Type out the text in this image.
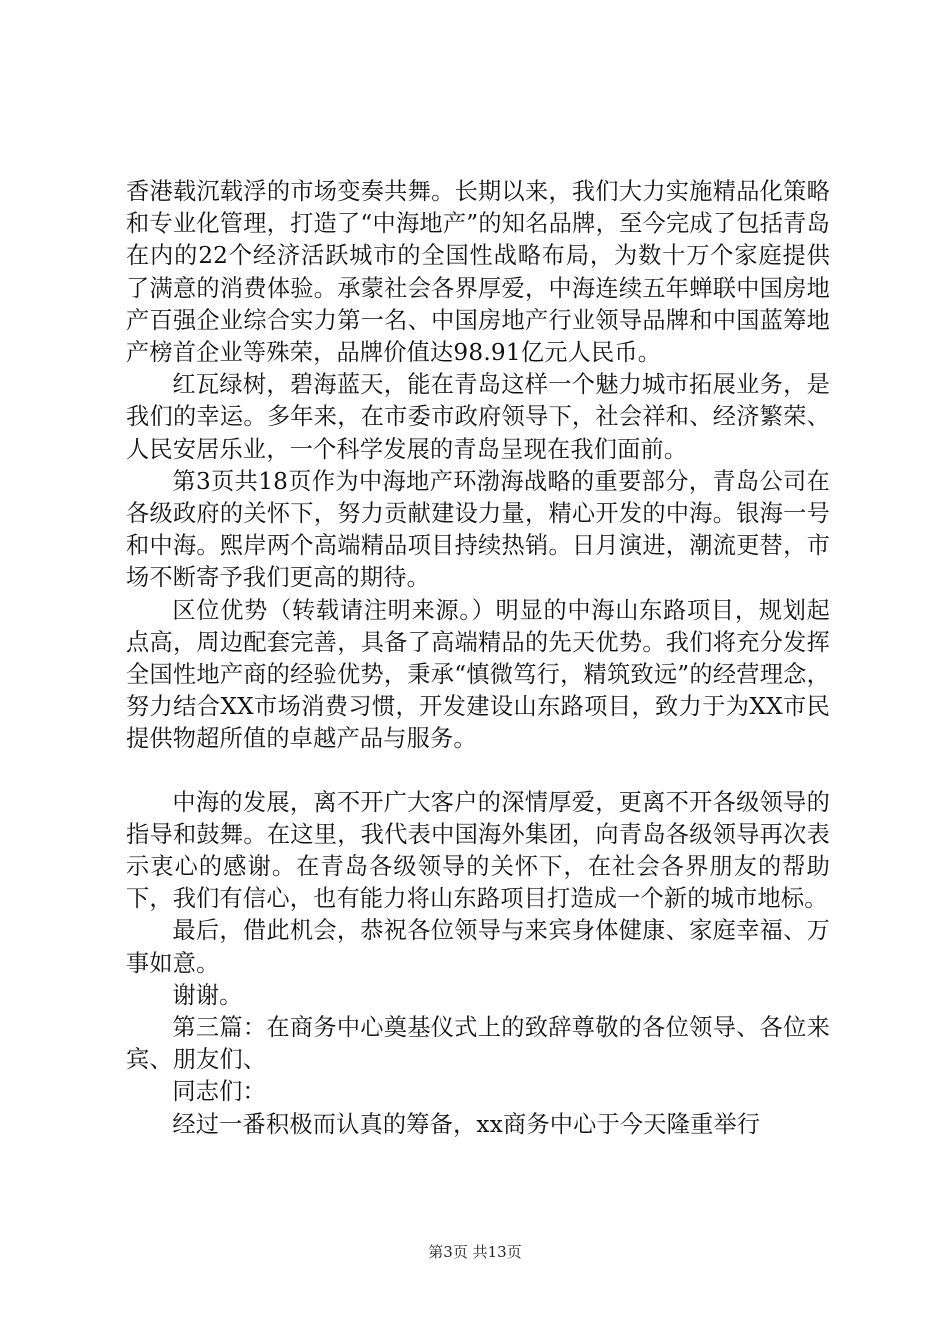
香港载沉载浮的市场变奏共舞。长期以来，我们大力实施精品化策略和专业化管理，打造了“中海地产”的知名品牌，至今完成了包括青岛在内的22个经济活跃城市的全国性战略布局，为数十万个家庭提供了满意的消费体验。承蒙社会各界厚爱，中海连续五年蝉联中国房地产百强企业综合实力第一名、中国房地产行业领导品牌和中国蓝筹地产榜首企业等殊荣，品牌价值达98.91亿元人民币。

红瓦绿树，碧海蓝天，能在青岛这样一个魅力城市拓展业务，是我们的幸运。多年来，在市委市政府领导下，社会祥和、经济繁荣、人民安居乐业，一个科学发展的青岛呈现在我们面前。

第3页共18页作为中海地产环渤海战略的重要部分，青岛公司在各级政府的关怀下，努力贡献建设力量，精心开发的中海。银海一号和中海。熙岸两个高端精品项目持续热销。日月演进，潮流更替，市场不断寄予我们更高的期待。

区位优势（转载请注明来源。）明显的中海山东路项目，规划起点高，周边配套完善，具备了高端精品的先天优势。我们将充分发挥全国性地产商的经验优势，秉承“慎微笃行，精筑致远”的经营理念，努力结合XX市场消费习惯，开发建设山东路项目，致力于为XX市民提供物超所值的卓越产品与服务。

中海的发展，离不开广大客户的深情厚爱，更离不开各级领导的指导和鼓舞。在这里，我代表中国海外集团，向青岛各级领导再次表示衷心的感谢。在青岛各级领导的关怀下，在社会各界朋友的帮助下，我们有信心，也有能力将山东路项目打造成一个新的城市地标。

最后，借此机会，恭祝各位领导与来宾身体健康、家庭幸福、万事如意。

谢谢。

第三篇：在商务中心奠基仪式上的致辞尊敬的各位领导、各位来宾、朋友们、

同志们：

经过一番积极而认真的筹备，xx商务中心于今天隆重举行

第3页 共13页
